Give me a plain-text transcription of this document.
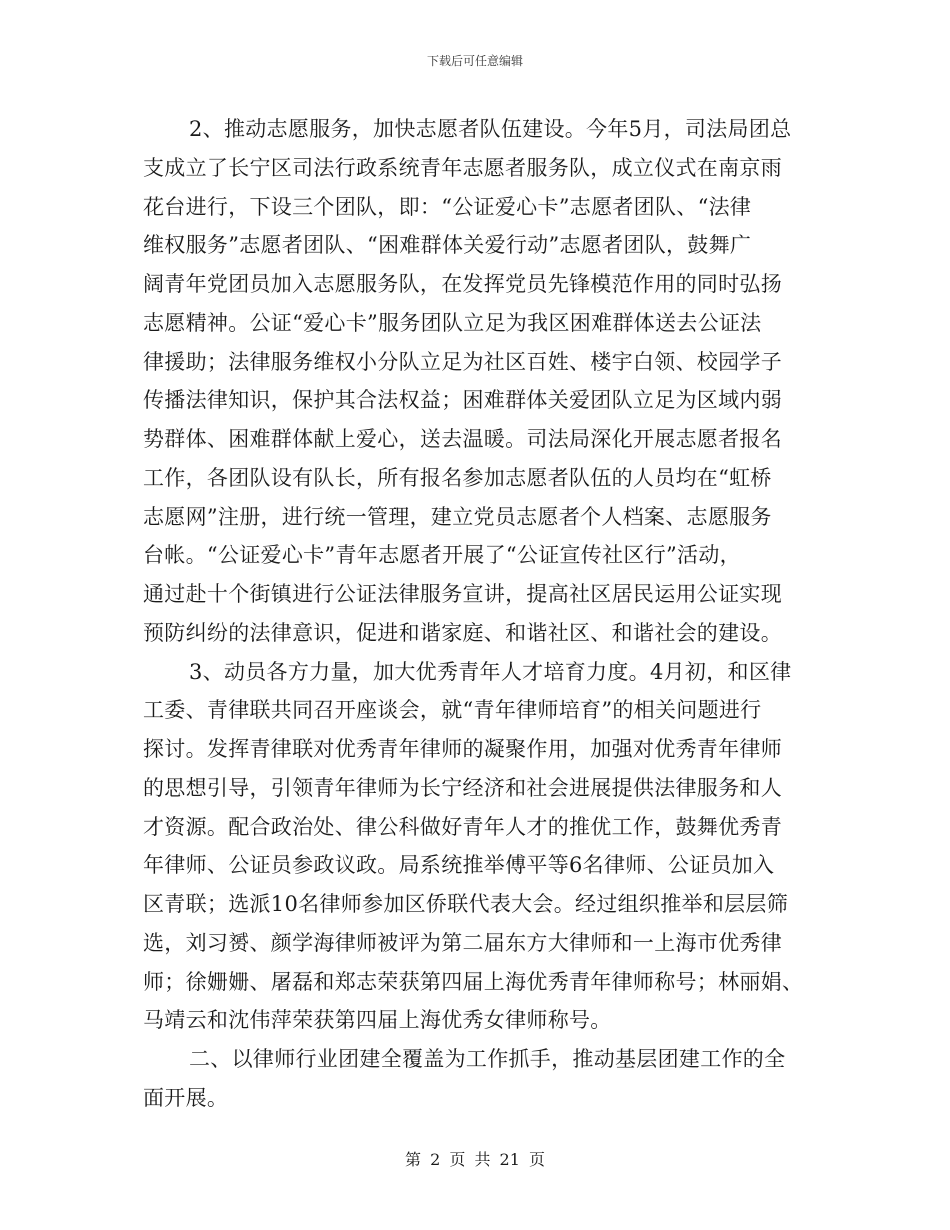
下载后可任意编辑
2、推动志愿服务，加快志愿者队伍建设。今年5月，司法局团总
支成立了长宁区司法行政系统青年志愿者服务队，成立仪式在南京雨
花台进行，下设三个团队，即：“公证爱心卡”志愿者团队、“法律
维权服务”志愿者团队、“困难群体关爱行动”志愿者团队，鼓舞广
阔青年党团员加入志愿服务队，在发挥党员先锋模范作用的同时弘扬
志愿精神。公证“爱心卡”服务团队立足为我区困难群体送去公证法
律援助；法律服务维权小分队立足为社区百姓、楼宇白领、校园学子
传播法律知识，保护其合法权益；困难群体关爱团队立足为区域内弱
势群体、困难群体献上爱心，送去温暖。司法局深化开展志愿者报名
工作，各团队设有队长，所有报名参加志愿者队伍的人员均在“虹桥
志愿网”注册，进行统一管理，建立党员志愿者个人档案、志愿服务
台帐。“公证爱心卡”青年志愿者开展了“公证宣传社区行”活动，
通过赴十个街镇进行公证法律服务宣讲，提高社区居民运用公证实现
预防纠纷的法律意识，促进和谐家庭、和谐社区、和谐社会的建设。
3、动员各方力量，加大优秀青年人才培育力度。4月初，和区律
工委、青律联共同召开座谈会，就“青年律师培育”的相关问题进行
探讨。发挥青律联对优秀青年律师的凝聚作用，加强对优秀青年律师
的思想引导，引领青年律师为长宁经济和社会进展提供法律服务和人
才资源。配合政治处、律公科做好青年人才的推优工作，鼓舞优秀青
年律师、公证员参政议政。局系统推举傅平等6名律师、公证员加入
区青联；选派10名律师参加区侨联代表大会。经过组织推举和层层筛
选，刘习赟、颜学海律师被评为第二届东方大律师和一上海市优秀律
师；徐姗姗、屠磊和郑志荣获第四届上海优秀青年律师称号；林丽娟、
马靖云和沈伟萍荣获第四届上海优秀女律师称号。
二、以律师行业团建全覆盖为工作抓手，推动基层团建工作的全
面开展。
第 2 页 共 21 页
